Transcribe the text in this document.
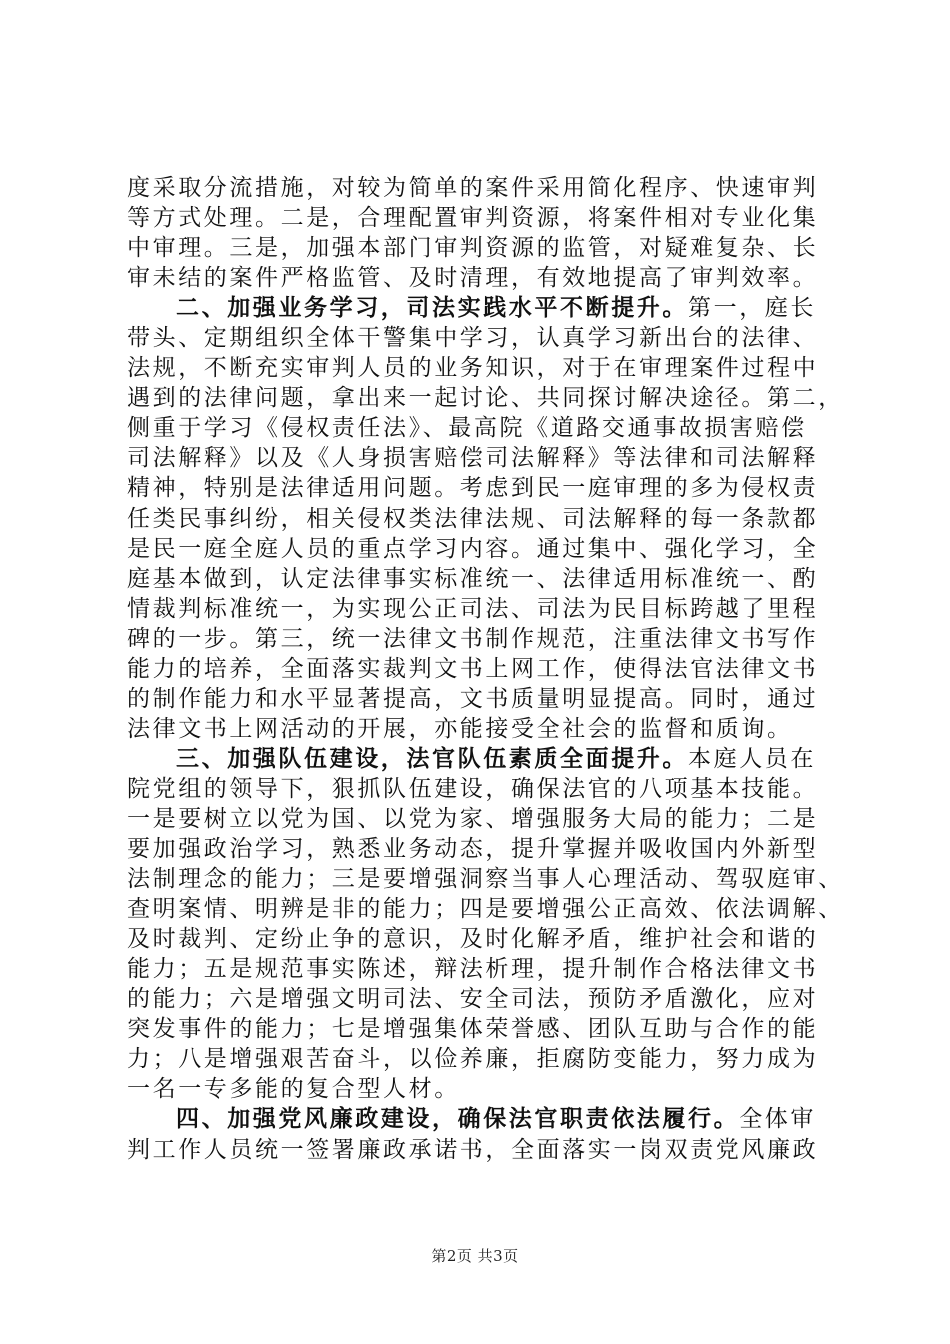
度采取分流措施，对较为简单的案件采用简化程序、快速审判
等方式处理。二是，合理配置审判资源，将案件相对专业化集
中审理。三是，加强本部门审判资源的监管，对疑难复杂、长
审未结的案件严格监管、及时清理，有效地提高了审判效率。
二、加强业务学习，司法实践水平不断提升。第一，庭长
带头、定期组织全体干警集中学习，认真学习新出台的法律、
法规，不断充实审判人员的业务知识，对于在审理案件过程中
遇到的法律问题，拿出来一起讨论、共同探讨解决途径。第二，
侧重于学习《侵权责任法》、最高院《道路交通事故损害赔偿
司法解释》以及《人身损害赔偿司法解释》等法律和司法解释
精神，特别是法律适用问题。考虑到民一庭审理的多为侵权责
任类民事纠纷，相关侵权类法律法规、司法解释的每一条款都
是民一庭全庭人员的重点学习内容。通过集中、强化学习，全
庭基本做到，认定法律事实标准统一、法律适用标准统一、酌
情裁判标准统一，为实现公正司法、司法为民目标跨越了里程
碑的一步。第三，统一法律文书制作规范，注重法律文书写作
能力的培养，全面落实裁判文书上网工作，使得法官法律文书
的制作能力和水平显著提高，文书质量明显提高。同时，通过
法律文书上网活动的开展，亦能接受全社会的监督和质询。
三、加强队伍建设，法官队伍素质全面提升。本庭人员在
院党组的领导下，狠抓队伍建设，确保法官的八项基本技能。
一是要树立以党为国、以党为家、增强服务大局的能力；二是
要加强政治学习，熟悉业务动态，提升掌握并吸收国内外新型
法制理念的能力；三是要增强洞察当事人心理活动、驾驭庭审、
查明案情、明辨是非的能力；四是要增强公正高效、依法调解、
及时裁判、定纷止争的意识，及时化解矛盾，维护社会和谐的
能力；五是规范事实陈述，辩法析理，提升制作合格法律文书
的能力；六是增强文明司法、安全司法，预防矛盾激化，应对
突发事件的能力；七是增强集体荣誉感、团队互助与合作的能
力；八是增强艰苦奋斗，以俭养廉，拒腐防变能力，努力成为
一名一专多能的复合型人材。
四、加强党风廉政建设，确保法官职责依法履行。全体审
判工作人员统一签署廉政承诺书，全面落实一岗双责党风廉政
第2页 共3页
